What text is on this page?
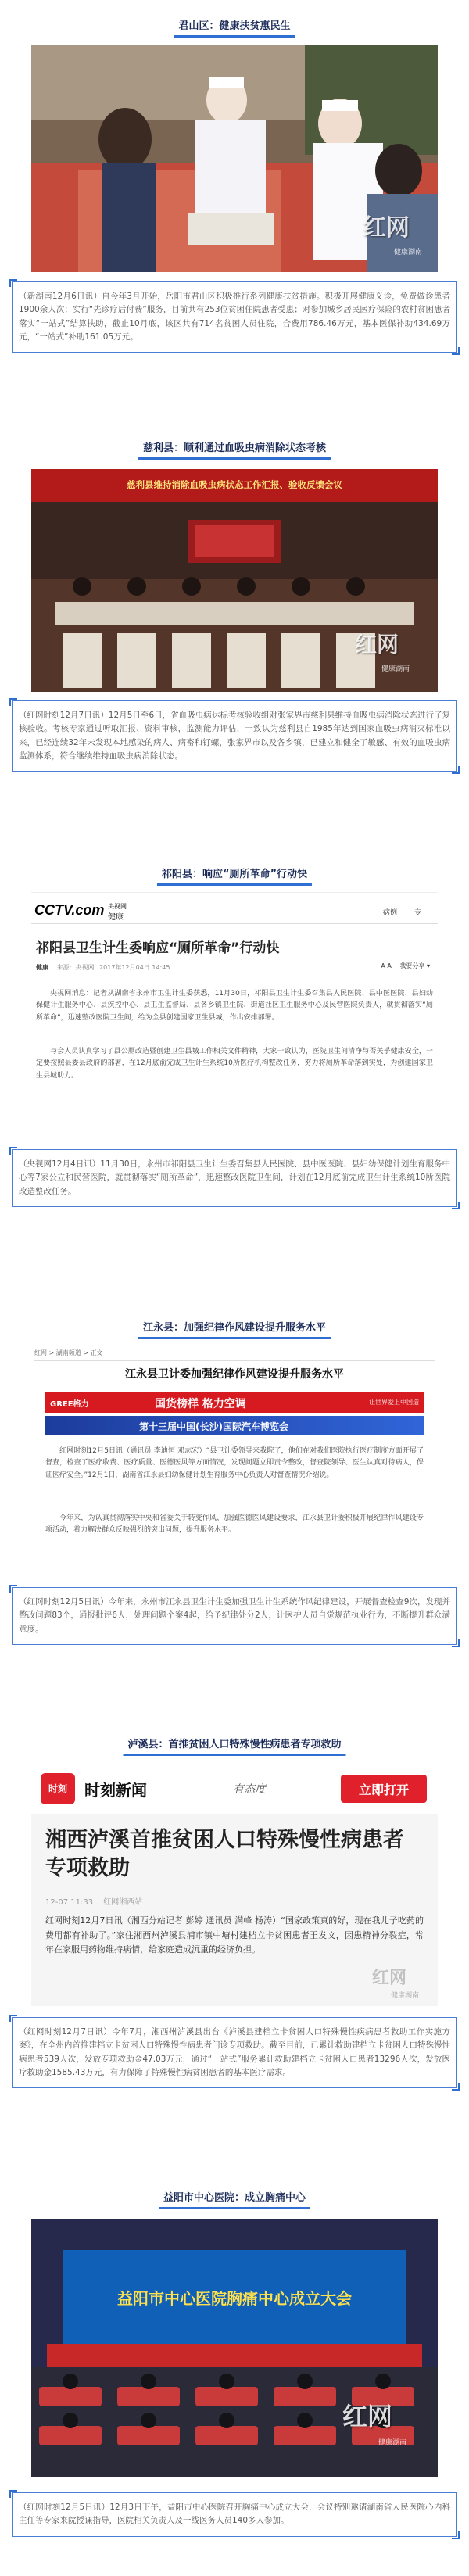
君山区：健康扶贫惠民生
红网
健康湖南
（新湖南12月6日讯）自今年3月开始，岳阳市君山区积极推行系列健康扶贫措施。积极开展健康义诊，免费做诊患者1900余人次；实行“先诊疗后付费”服务，目前共有253位贫困住院患者受惠；对参加城乡居民医疗保险的农村贫困患者落实“一站式”结算扶助，截止10月底，该区共有714名贫困人员住院，合费用786.46万元，基本医保补助434.69万元，“一站式”补助161.05万元。
慈利县：顺利通过血吸虫病消除状态考核
慈利县维持消除血吸虫病状态工作汇报、验收反馈会议
红网
健康湖南
（红网时刻12月7日讯）12月5日至6日，省血吸虫病达标考核验收组对张家界市慈利县维持血吸虫病消除状态进行了复核验收。考核专家通过听取汇报、资料审核，监测能力评估，一致认为慈利县自1985年达到国家血吸虫病消灭标准以来，已经连续32年未发现本地感染的病人、病畜和钉螺，张家界市以及各乡镇，已建立和健全了敏感、有效的血吸虫病监测体系，符合继续维持血吸虫病消除状态。
祁阳县：响应“厕所革命”行动快
CCTV.com 央视网
健康	病例 专
祁阳县卫生计生委响应“厕所革命”行动快
健康 来源：央视网 2017年12月04日 14:45	A A 我要分享 ▾

央视网消息：记者从湖南省永州市卫生计生委获悉，11月30日，祁阳县卫生计生委召集县人民医院、县中医医院、县妇幼保健计生服务中心、县疾控中心、县卫生监督局、县各乡镇卫生院、街道社区卫生服务中心及民营医院负责人，就贯彻落实“厕所革命”，迅速整改医院卫生间，给为全县创建国家卫生县城，作出安排部署。

与会人员认真学习了县公厕改造暨创建卫生县城工作相关文件精神，大家一致认为，医院卫生间清净与否关乎健康安全，一定要按照县委县政府的部署，在12月底前完成卫生计生系统10所医疗机构整改任务，努力将厕所革命落到实处，为创建国家卫生县城助力。

（央视网12月4日讯）11月30日，永州市祁阳县卫生计生委召集县人民医院、县中医医院、县妇幼保健计划生育服务中心等7家公立和民营医院，就贯彻落实“厕所革命”，迅速整改医院卫生间，计划在12月底前完成卫生计生系统10所医院改造整改任务。
江永县：加强纪律作风建设提升服务水平
红网 > 湖南频道 > 正文
江永县卫计委加强纪律作风建设提升服务水平
GREE格力	国货榜样 格力空调	让世界爱上中国造
第十三届中国(长沙)国际汽车博览会

红网时刻12月5日讯（通讯员 李迪恒 邓志宏）“县卫计委领导来我院了，他们在对我们医院执行医疗制度方面开展了督查，检查了医疗收费、医疗质量、医德医风等方面情况，发现问题立即责令整改，督查院领导、医生认真对待病人，保证医疗安全。”12月1日，湖南省江永县妇幼保健计划生育服务中心负责人对督查情况介绍说。

今年来，为认真贯彻落实中央和省委关于转变作风、加强医德医风建设要求，江永县卫计委积极开展纪律作风建设专项活动，着力解决群众反映强烈的突出问题，提升服务水平。

（红网时刻12月5日讯）今年来，永州市江永县卫生计生委加强卫生计生系统作风纪律建设，开展督查检查9次，发现并整改问题83个，通报批评6人，处理问题个案4起，给予纪律处分2人，让医护人员自觉规范执业行为，不断提升群众满意度。
泸溪县：首推贫困人口特殊慢性病患者专项救助
时刻	时刻新闻	有态度	立即打开
湘西泸溪首推贫困人口特殊慢性病患者专项救助
12-07 11:33 红网湘西站

红网时刻12月7日讯（湘西分站记者 彭婷 通讯员 满峰 杨涛）“国家政策真的好，现在我儿子吃药的费用都有补助了。”家住湘西州泸溪县浦市镇中塘村建档立卡贫困患者王发文，因患精神分裂症，常年在家服用药物维持病情，给家庭造成沉重的经济负担。

红网
健康湖南
（红网时刻12月7日讯）今年7月，湘西州泸溪县出台《泸溪县建档立卡贫困人口特殊慢性疾病患者救助工作实施方案》，在全州内首推建档立卡贫困人口特殊慢性病患者门诊专项救助。截至目前，已累计救助建档立卡贫困人口特殊慢性病患者539人次，发放专项救助金47.03万元，通过“一站式”服务累计救助建档立卡贫困人口患者13296人次，发放医疗救助金1585.43万元，有力保障了特殊慢性病贫困患者的基本医疗需求。
益阳市中心医院：成立胸痛中心
益阳市中心医院胸痛中心成立大会
红网
健康湖南
（红网时刻12月5日讯）12月3日下午，益阳市中心医院召开胸痛中心成立大会，会议特别邀请湖南省人民医院心内科主任等专家来院授课指导，医院相关负责人及一线医务人员140多人参加。
